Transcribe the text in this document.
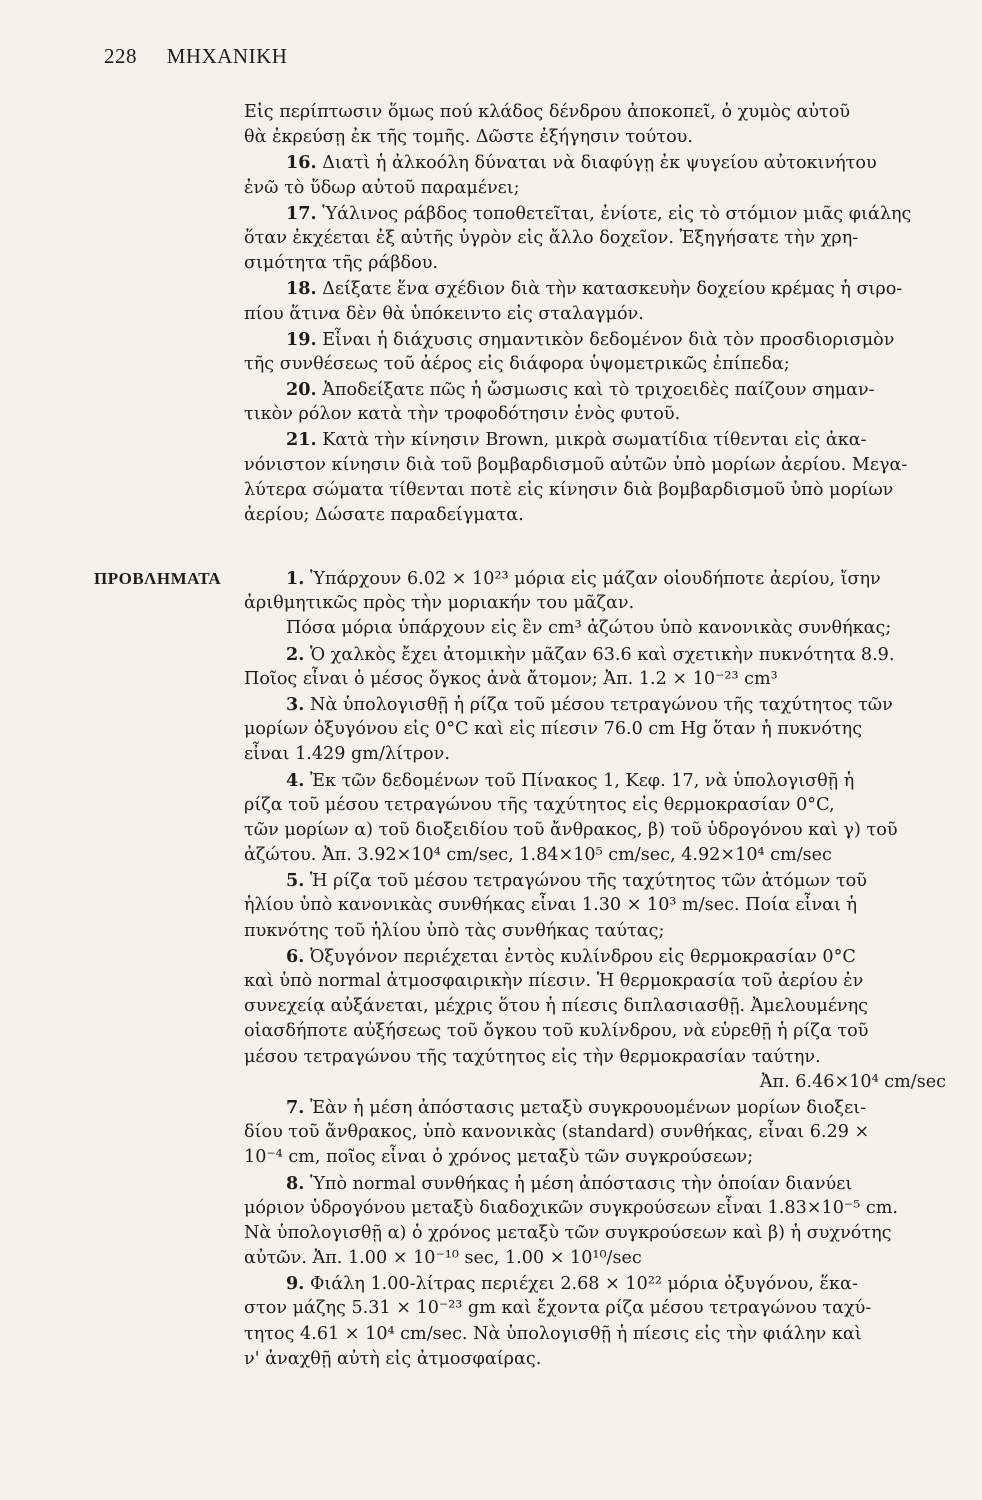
228 ΜΗΧΑΝΙΚΗ
Εἰς περίπτωσιν ὅμως πού κλάδος δένδρου ἀποκοπεῖ, ὁ χυμὸς αὐτοῦ
θὰ ἐκρεύσῃ ἐκ τῆς τομῆς. Δῶστε ἐξήγησιν τούτου.
16. Διατὶ ἡ ἀλκοόλη δύναται νὰ διαφύγῃ ἐκ ψυγείου αὐτοκινήτου
ἐνῶ τὸ ὕδωρ αὐτοῦ παραμένει;
17. Ὑάλινος ράβδος τοποθετεῖται, ἐνίοτε, εἰς τὸ στόμιον μιᾶς φιάλης
ὅταν ἐκχέεται ἐξ αὐτῆς ὑγρὸν εἰς ἄλλο δοχεῖον. Ἐξηγήσατε τὴν χρη-
σιμότητα τῆς ράβδου.
18. Δείξατε ἕνα σχέδιον διὰ τὴν κατασκευὴν δοχείου κρέμας ἡ σιρο-
πίου ἅτινα δὲν θὰ ὑπόκειντο εἰς σταλαγμόν.
19. Εἶναι ἡ διάχυσις σημαντικὸν δεδομένον διὰ τὸν προσδιορισμὸν
τῆς συνθέσεως τοῦ ἀέρος εἰς διάφορα ὑψομετρικῶς ἐπίπεδα;
20. Ἀποδείξατε πῶς ἡ ὤσμωσις καὶ τὸ τριχοειδὲς παίζουν σημαν-
τικὸν ρόλον κατὰ τὴν τροφοδότησιν ἑνὸς φυτοῦ.
21. Κατὰ τὴν κίνησιν Brown, μικρὰ σωματίδια τίθενται εἰς ἀκα-
νόνιστον κίνησιν διὰ τοῦ βομβαρδισμοῦ αὐτῶν ὑπὸ μορίων ἀερίου. Μεγα-
λύτερα σώματα τίθενται ποτὲ εἰς κίνησιν διὰ βομβαρδισμοῦ ὑπὸ μορίων
ἀερίου; Δώσατε παραδείγματα.
ΠΡΟΒΛΗΜΑΤΑ	1. Ὑπάρχουν 6.02 × 10²³ μόρια εἰς μάζαν οἱουδήποτε ἀερίου, ἴσην
ἀριθμητικῶς πρὸς τὴν μοριακήν του μᾶζαν.
Πόσα μόρια ὑπάρχουν εἰς ἓν cm³ ἀζώτου ὑπὸ κανονικὰς συνθήκας;
2. Ὁ χαλκὸς ἔχει ἀτομικὴν μᾶζαν 63.6 καὶ σχετικὴν πυκνότητα 8.9.
Ποῖος εἶναι ὁ μέσος ὄγκος ἀνὰ ἄτομον; Ἀπ. 1.2 × 10⁻²³ cm³
3. Νὰ ὑπολογισθῇ ἡ ρίζα τοῦ μέσου τετραγώνου τῆς ταχύτητος τῶν
μορίων ὀξυγόνου εἰς 0°C καὶ εἰς πίεσιν 76.0 cm Hg ὅταν ἡ πυκνότης
εἶναι 1.429 gm/λίτρον.
4. Ἐκ τῶν δεδομένων τοῦ Πίνακος 1, Κεφ. 17, νὰ ὑπολογισθῇ ἡ
ρίζα τοῦ μέσου τετραγώνου τῆς ταχύτητος εἰς θερμοκρασίαν 0°C,
τῶν μορίων α) τοῦ διοξειδίου τοῦ ἄνθρακος, β) τοῦ ὑδρογόνου καὶ γ) τοῦ
ἀζώτου. Ἀπ. 3.92×10⁴ cm/sec, 1.84×10⁵ cm/sec, 4.92×10⁴ cm/sec
5. Ἡ ρίζα τοῦ μέσου τετραγώνου τῆς ταχύτητος τῶν ἀτόμων τοῦ
ἡλίου ὑπὸ κανονικὰς συνθήκας εἶναι 1.30 × 10³ m/sec. Ποία εἶναι ἡ
πυκνότης τοῦ ἡλίου ὑπὸ τὰς συνθήκας ταύτας;
6. Ὀξυγόνον περιέχεται ἐντὸς κυλίνδρου εἰς θερμοκρασίαν 0°C
καὶ ὑπὸ normal ἀτμοσφαιρικὴν πίεσιν. Ἡ θερμοκρασία τοῦ ἀερίου ἐν
συνεχείᾳ αὐξάνεται, μέχρις ὅτου ἡ πίεσις διπλασιασθῇ. Ἀμελουμένης
οἱασδήποτε αὐξήσεως τοῦ ὄγκου τοῦ κυλίνδρου, νὰ εὑρεθῇ ἡ ρίζα τοῦ
μέσου τετραγώνου τῆς ταχύτητος εἰς τὴν θερμοκρασίαν ταύτην.
Ἀπ. 6.46×10⁴ cm/sec
7. Ἐὰν ἡ μέση ἀπόστασις μεταξὺ συγκρουομένων μορίων διοξει-
δίου τοῦ ἄνθρακος, ὑπὸ κανονικὰς (standard) συνθήκας, εἶναι 6.29 ×
10⁻⁴ cm, ποῖος εἶναι ὁ χρόνος μεταξὺ τῶν συγκρούσεων;
8. Ὑπὸ normal συνθήκας ἡ μέση ἀπόστασις τὴν ὁποίαν διανύει
μόριον ὑδρογόνου μεταξὺ διαδοχικῶν συγκρούσεων εἶναι 1.83×10⁻⁵ cm.
Νὰ ὑπολογισθῇ α) ὁ χρόνος μεταξὺ τῶν συγκρούσεων καὶ β) ἡ συχνότης
αὐτῶν. Ἀπ. 1.00 × 10⁻¹⁰ sec, 1.00 × 10¹⁰/sec
9. Φιάλη 1.00-λίτρας περιέχει 2.68 × 10²² μόρια ὀξυγόνου, ἕκα-
στον μάζης 5.31 × 10⁻²³ gm καὶ ἔχοντα ρίζα μέσου τετραγώνου ταχύ-
τητος 4.61 × 10⁴ cm/sec. Νὰ ὑπολογισθῇ ἡ πίεσις εἰς τὴν φιάλην καὶ
ν' ἀναχθῇ αὐτὴ εἰς ἀτμοσφαίρας.
